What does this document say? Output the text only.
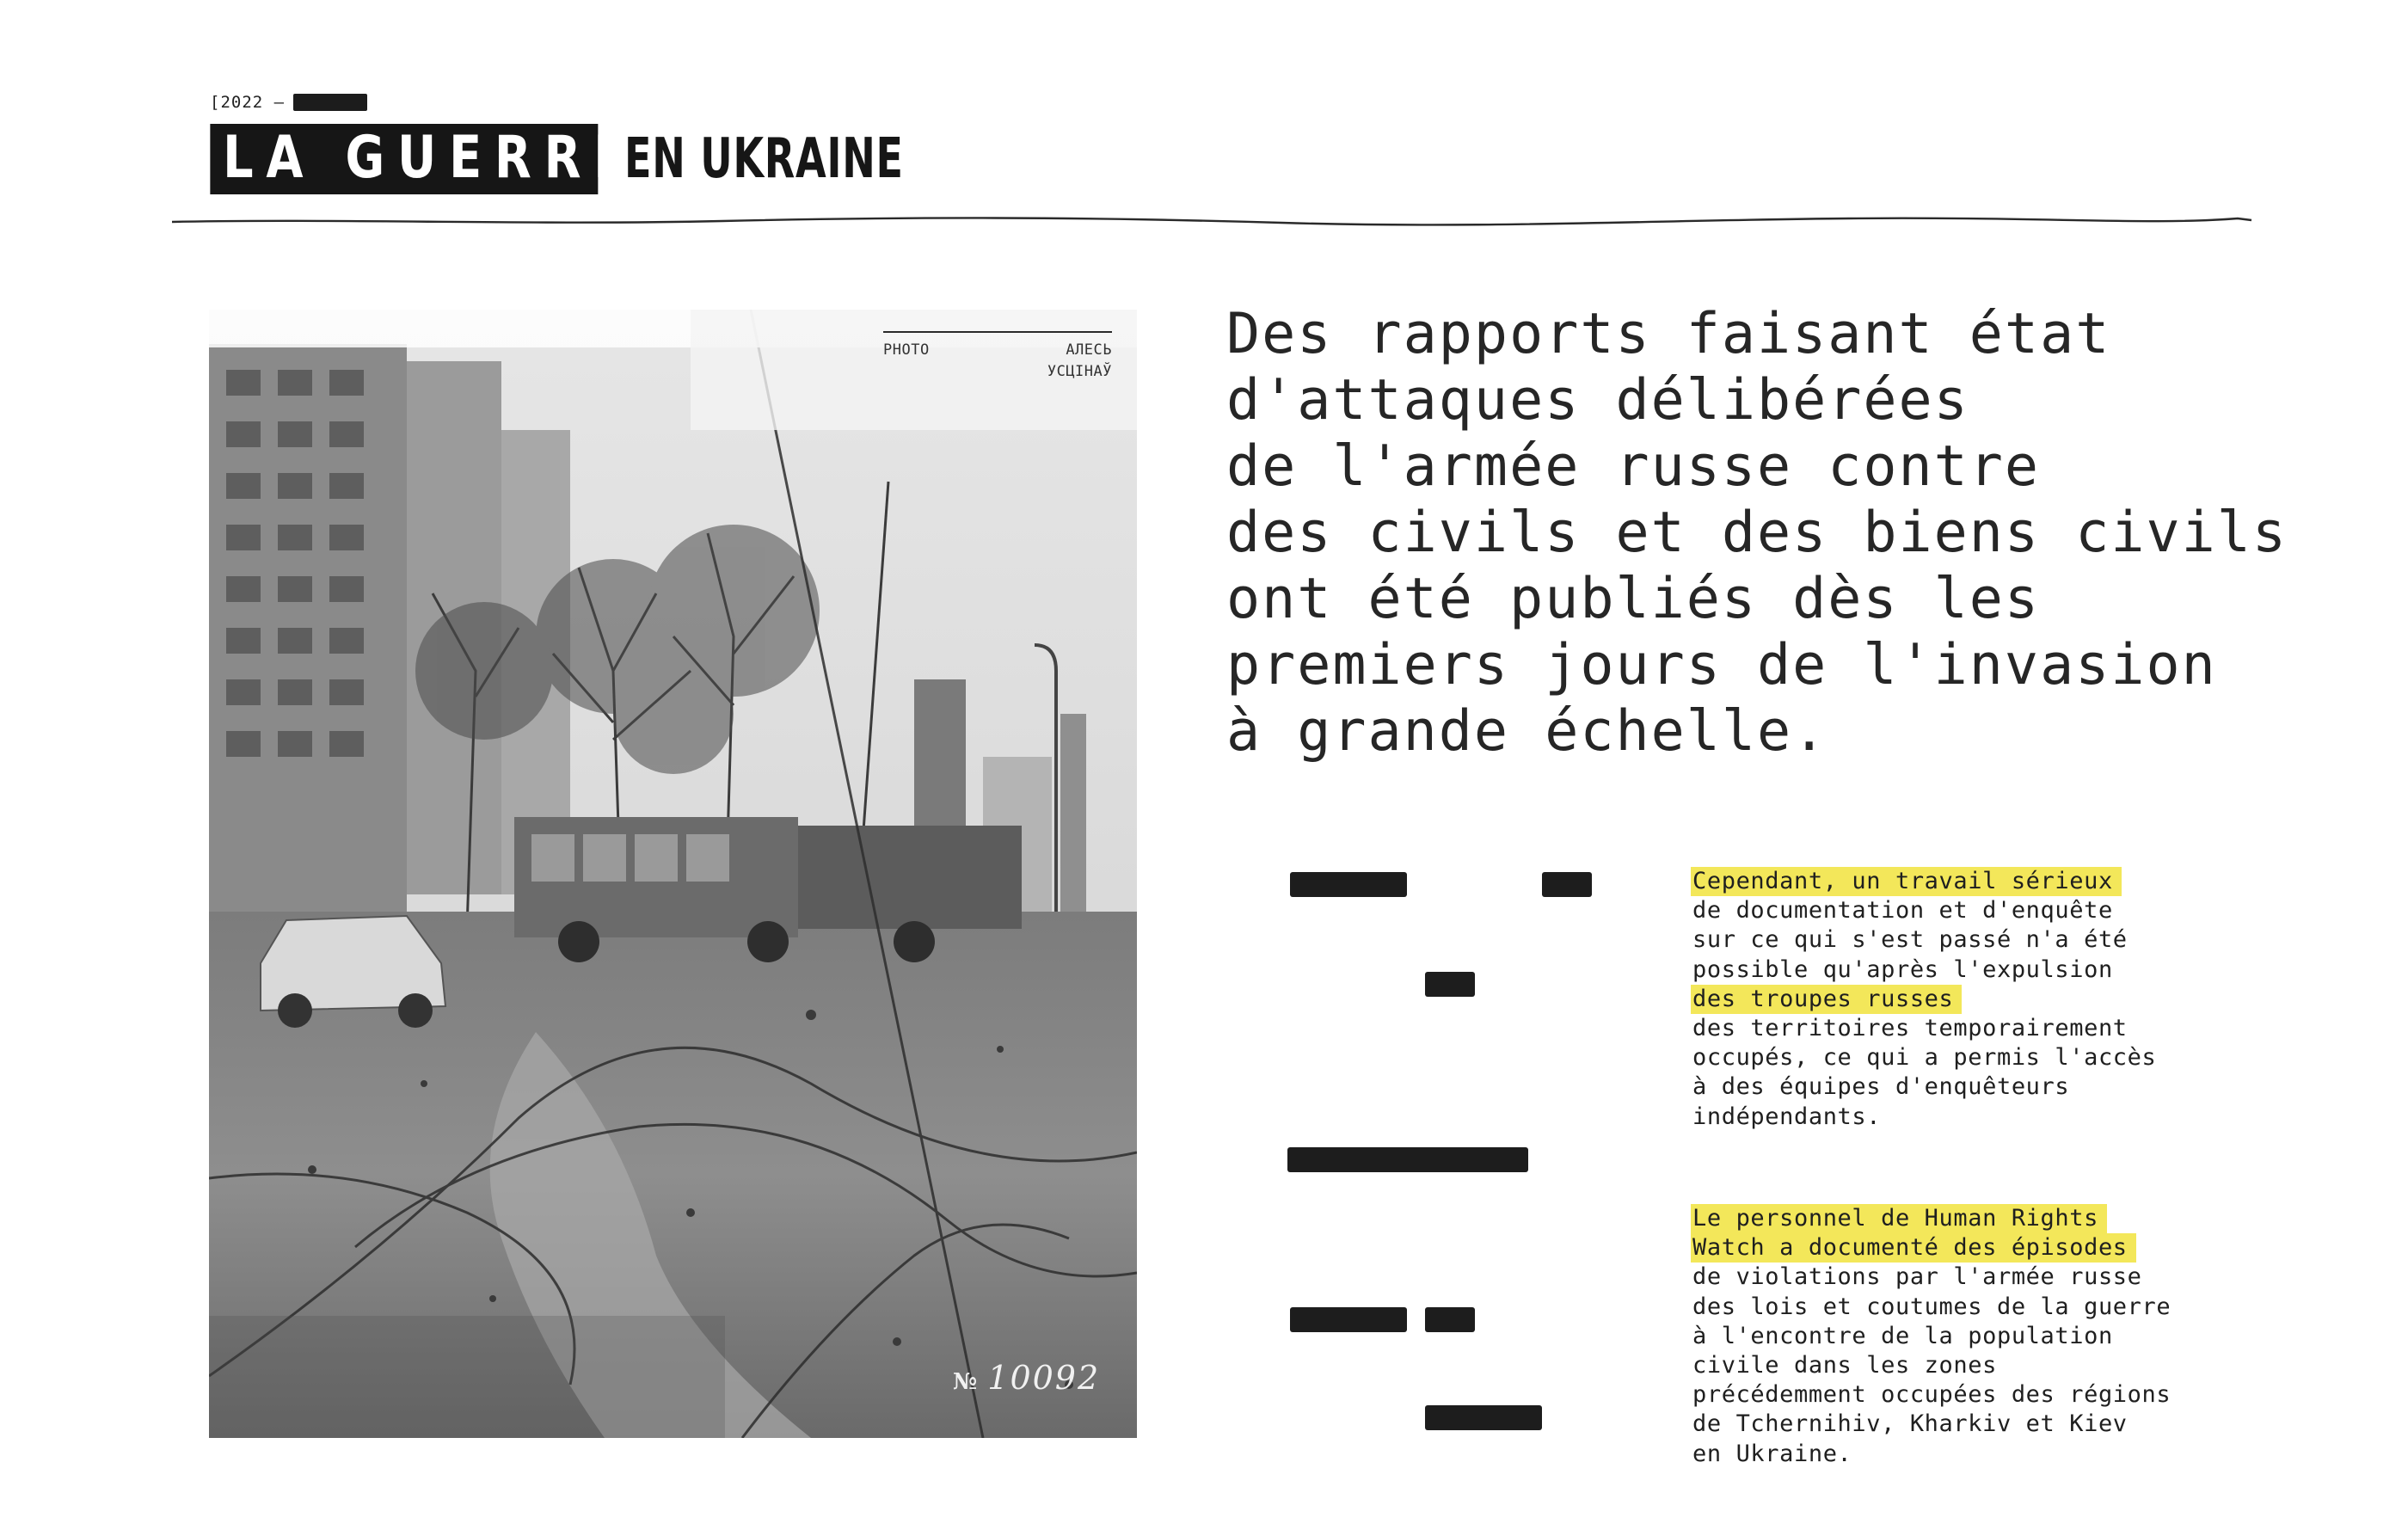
[2022 –
LA GUERRE
EN UKRAINE
PHOTO	АЛЕСЬ
УСЦІНАЎ
№ 10092
Des rapports faisant état
d'attaques délibérées
de l'armée russe contre
des civils et des biens civils
ont été publiés dès les
premiers jours de l'invasion
à grande échelle.
Cependant, un travail sérieux
de documentation et d'enquête
sur ce qui s'est passé n'a été
possible qu'après l'expulsion
des troupes russes
des territoires temporairement
occupés, ce qui a permis l'accès
à des équipes d'enquêteurs
indépendants.
Le personnel de Human Rights
Watch a documenté des épisodes
de violations par l'armée russe
des lois et coutumes de la guerre
à l'encontre de la population
civile dans les zones
précédemment occupées des régions
de Tchernihiv, Kharkiv et Kiev
en Ukraine.
